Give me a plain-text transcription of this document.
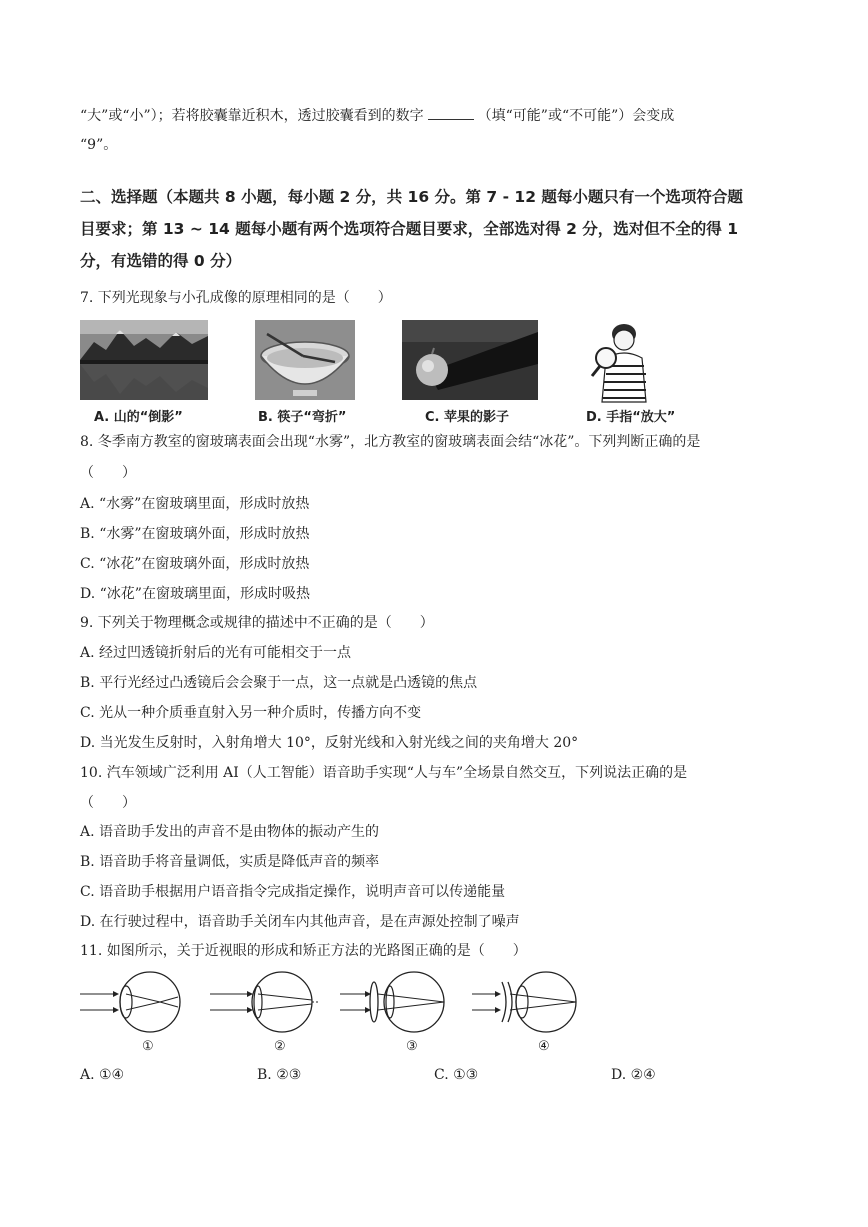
“大”或“小”）；若将胶囊靠近积木，透过胶囊看到的数字	（填“可能”或“不可能”）会变成
“9”。
二、选择题（本题共 8 小题，每小题 2 分，共 16 分。第 7 - 12 题每小题只有一个选项符合题
目要求；第 13 ~ 14 题每小题有两个选项符合题目要求，全部选对得 2 分，选对但不全的得 1
分，有选错的得 0 分）
7. 下列光现象与小孔成像的原理相同的是（　　）
A. 山的“倒影”	B. 筷子“弯折”	C. 苹果的影子	D. 手指“放大”
8. 冬季南方教室的窗玻璃表面会出现“水雾”，北方教室的窗玻璃表面会结“冰花”。下列判断正确的是
（　　）
A. “水雾”在窗玻璃里面，形成时放热
B. “水雾”在窗玻璃外面，形成时放热
C. “冰花”在窗玻璃外面，形成时放热
D. “冰花”在窗玻璃里面，形成时吸热
9. 下列关于物理概念或规律的描述中不正确的是（　　）
A. 经过凹透镜折射后的光有可能相交于一点
B. 平行光经过凸透镜后会会聚于一点，这一点就是凸透镜的焦点
C. 光从一种介质垂直射入另一种介质时，传播方向不变
D. 当光发生反射时，入射角增大 10°，反射光线和入射光线之间的夹角增大 20°
10. 汽车领域广泛利用 AI（人工智能）语音助手实现“人与车”全场景自然交互，下列说法正确的是
（　　）
A. 语音助手发出的声音不是由物体的振动产生的
B. 语音助手将音量调低，实质是降低声音的频率
C. 语音助手根据用户语音指令完成指定操作，说明声音可以传递能量
D. 在行驶过程中，语音助手关闭车内其他声音，是在声源处控制了噪声
11. 如图所示，关于近视眼的形成和矫正方法的光路图正确的是（　　）
①	②	③	④
A. ①④	B. ②③	C. ①③	D. ②④
